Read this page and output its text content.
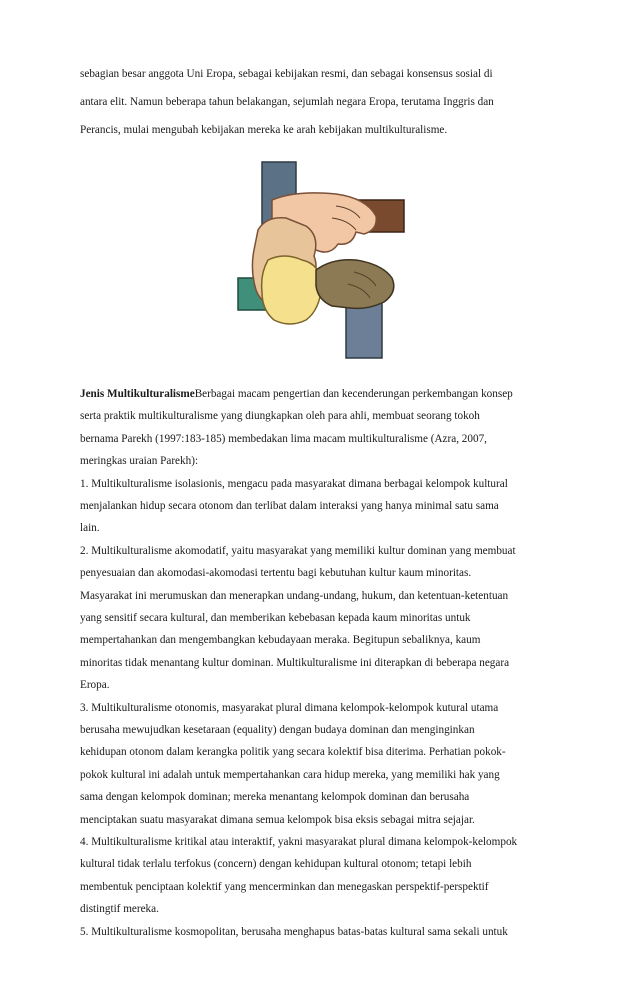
sebagian besar anggota Uni Eropa, sebagai kebijakan resmi, dan sebagai konsensus sosial di
antara elit. Namun beberapa tahun belakangan, sejumlah negara Eropa, terutama Inggris dan
Perancis, mulai mengubah kebijakan mereka ke arah kebijakan multikulturalisme.
Jenis MultikulturalismeBerbagai macam pengertian dan kecenderungan perkembangan konsep
serta praktik multikulturalisme yang diungkapkan oleh para ahli, membuat seorang tokoh
bernama Parekh (1997:183-185) membedakan lima macam multikulturalisme (Azra, 2007,
meringkas uraian Parekh):
1. Multikulturalisme isolasionis, mengacu pada masyarakat dimana berbagai kelompok kultural
menjalankan hidup secara otonom dan terlibat dalam interaksi yang hanya minimal satu sama
lain.
2. Multikulturalisme akomodatif, yaitu masyarakat yang memiliki kultur dominan yang membuat
penyesuaian dan akomodasi-akomodasi tertentu bagi kebutuhan kultur kaum minoritas.
Masyarakat ini merumuskan dan menerapkan undang-undang, hukum, dan ketentuan-ketentuan
yang sensitif secara kultural, dan memberikan kebebasan kepada kaum minoritas untuk
mempertahankan dan mengembangkan kebudayaan meraka. Begitupun sebaliknya, kaum
minoritas tidak menantang kultur dominan. Multikulturalisme ini diterapkan di beberapa negara
Eropa.
3. Multikulturalisme otonomis, masyarakat plural dimana kelompok-kelompok kutural utama
berusaha mewujudkan kesetaraan (equality) dengan budaya dominan dan menginginkan
kehidupan otonom dalam kerangka politik yang secara kolektif bisa diterima. Perhatian pokok-
pokok kultural ini adalah untuk mempertahankan cara hidup mereka, yang memiliki hak yang
sama dengan kelompok dominan; mereka menantang kelompok dominan dan berusaha
menciptakan suatu masyarakat dimana semua kelompok bisa eksis sebagai mitra sejajar.
4. Multikulturalisme kritikal atau interaktif, yakni masyarakat plural dimana kelompok-kelompok
kultural tidak terlalu terfokus (concern) dengan kehidupan kultural otonom; tetapi lebih
membentuk penciptaan kolektif yang mencerminkan dan menegaskan perspektif-perspektif
distingtif mereka.
5. Multikulturalisme kosmopolitan, berusaha menghapus batas-batas kultural sama sekali untuk
